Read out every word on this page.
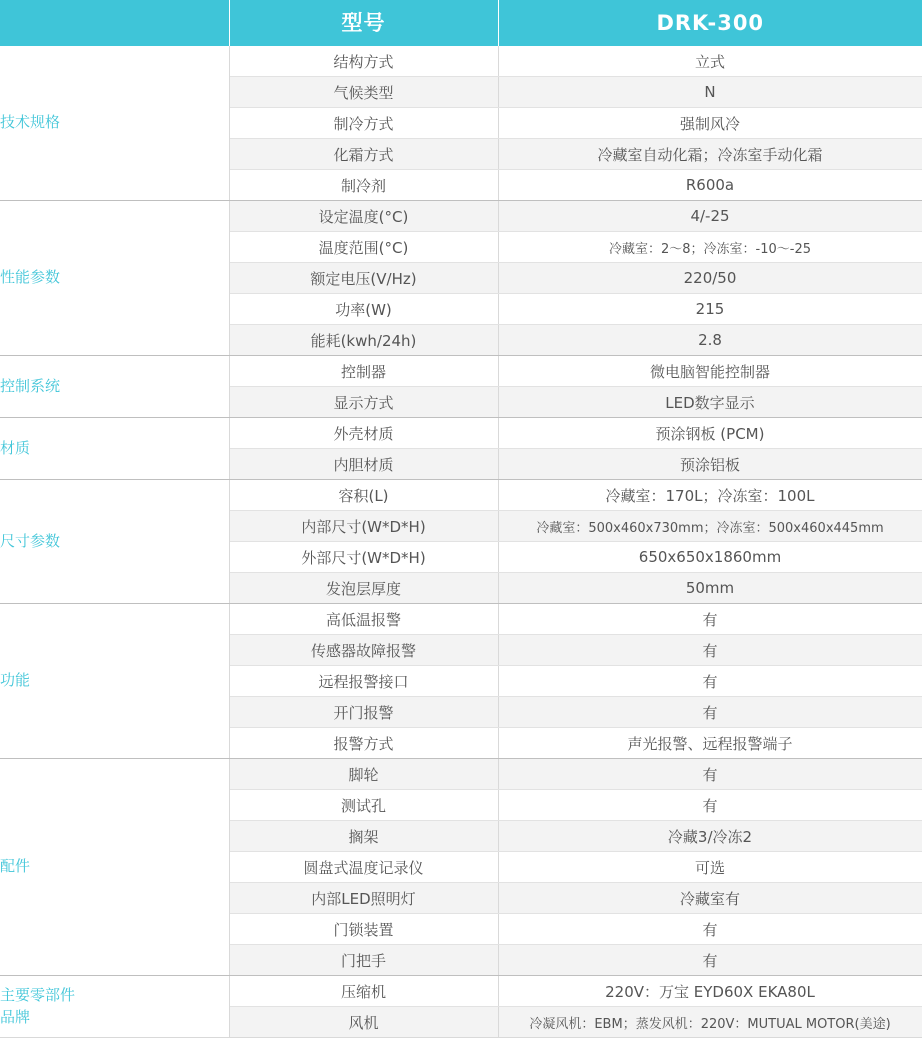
	型号	DRK-300
技术规格	结构方式	立式
	气候类型	N
	制冷方式	强制风冷
	化霜方式	冷藏室自动化霜；冷冻室手动化霜
	制冷剂	R600a
性能参数	设定温度(°C)	4/-25
	温度范围(°C)	冷藏室：2～8；冷冻室：-10～-25
	额定电压(V/Hz)	220/50
	功率(W)	215
	能耗(kwh/24h)	2.8
控制系统	控制器	微电脑智能控制器
	显示方式	LED数字显示
材质	外壳材质	预涂钢板 (PCM)
	内胆材质	预涂铝板
尺寸参数	容积(L)	冷藏室：170L；冷冻室：100L
	内部尺寸(W*D*H)	冷藏室：500x460x730mm；冷冻室：500x460x445mm
	外部尺寸(W*D*H)	650x650x1860mm
	发泡层厚度	50mm
功能	高低温报警	有
	传感器故障报警	有
	远程报警接口	有
	开门报警	有
	报警方式	声光报警、远程报警端子
配件	脚轮	有
	测试孔	有
	搁架	冷藏3/冷冻2
	圆盘式温度记录仪	可选
	内部LED照明灯	冷藏室有
	门锁装置	有
	门把手	有

主要零部件
品牌	压缩机	220V：万宝 EYD60X EKA80L
	风机	冷凝风机：EBM；蒸发风机：220V：MUTUAL MOTOR(美途)
